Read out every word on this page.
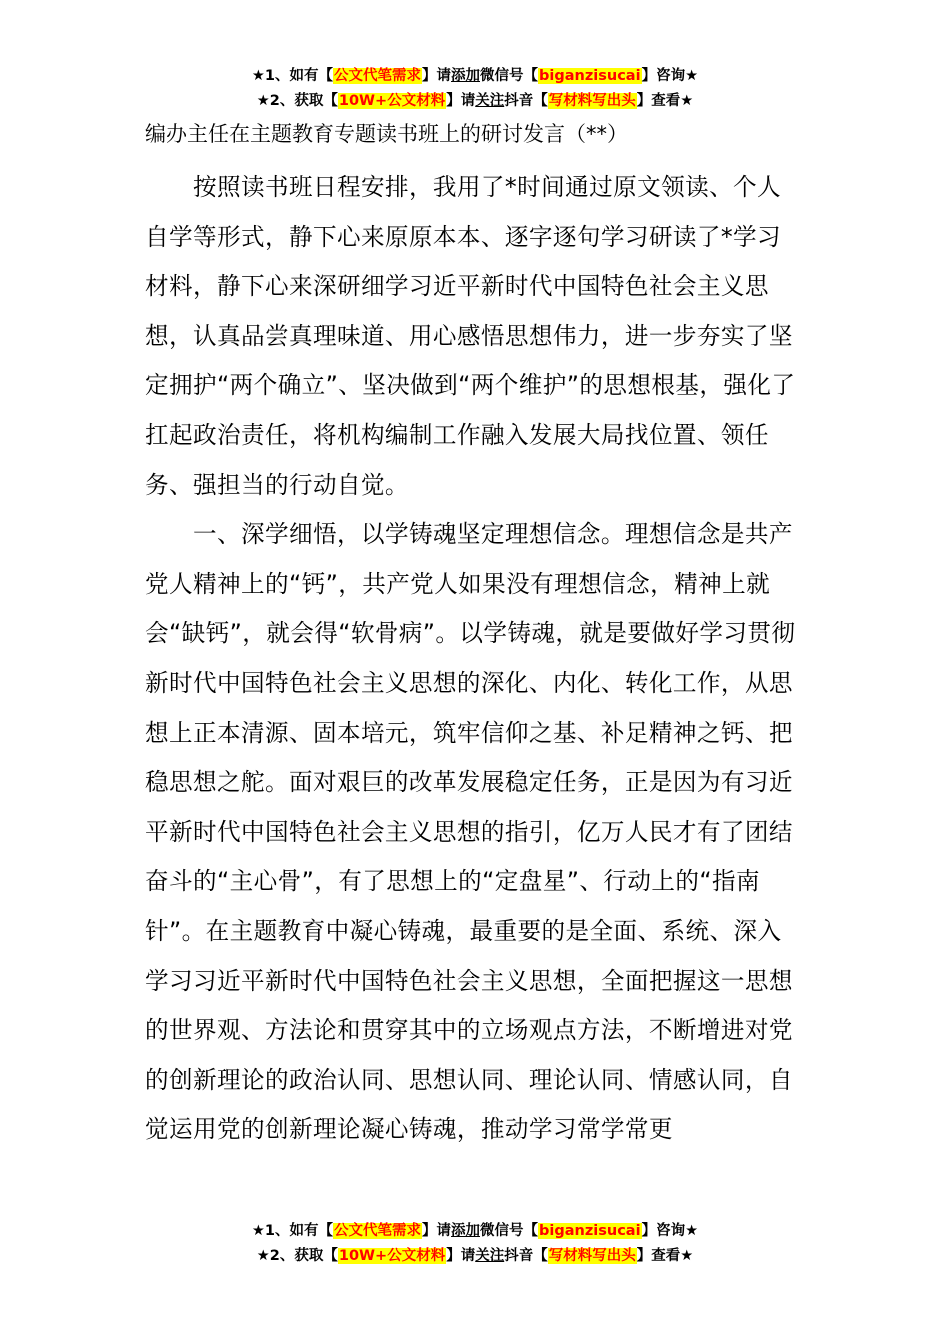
★1、如有【公文代笔需求】请添加微信号【biganzisucai】咨询★
★2、获取【10W+公文材料】请关注抖音【写材料写出头】查看★
编办主任在主题教育专题读书班上的研讨发言（**）

按照读书班日程安排，我用了*时间通过原文领读、个人自学等形式，静下心来原原本本、逐字逐句学习研读了*学习材料，静下心来深研细学习近平新时代中国特色社会主义思想，认真品尝真理味道、用心感悟思想伟力，进一步夯实了坚定拥护“两个确立”、坚决做到“两个维护”的思想根基，强化了扛起政治责任，将机构编制工作融入发展大局找位置、领任务、强担当的行动自觉。

一、深学细悟，以学铸魂坚定理想信念。理想信念是共产党人精神上的“钙”，共产党人如果没有理想信念，精神上就会“缺钙”，就会得“软骨病”。以学铸魂，就是要做好学习贯彻新时代中国特色社会主义思想的深化、内化、转化工作，从思想上正本清源、固本培元，筑牢信仰之基、补足精神之钙、把稳思想之舵。面对艰巨的改革发展稳定任务，正是因为有习近平新时代中国特色社会主义思想的指引，亿万人民才有了团结奋斗的“主心骨”，有了思想上的“定盘星”、行动上的“指南针”。在主题教育中凝心铸魂，最重要的是全面、系统、深入学习习近平新时代中国特色社会主义思想，全面把握这一思想的世界观、方法论和贯穿其中的立场观点方法，不断增进对党的创新理论的政治认同、思想认同、理论认同、情感认同，自觉运用党的创新理论凝心铸魂，推动学习常学常更

★1、如有【公文代笔需求】请添加微信号【biganzisucai】咨询★
★2、获取【10W+公文材料】请关注抖音【写材料写出头】查看★
